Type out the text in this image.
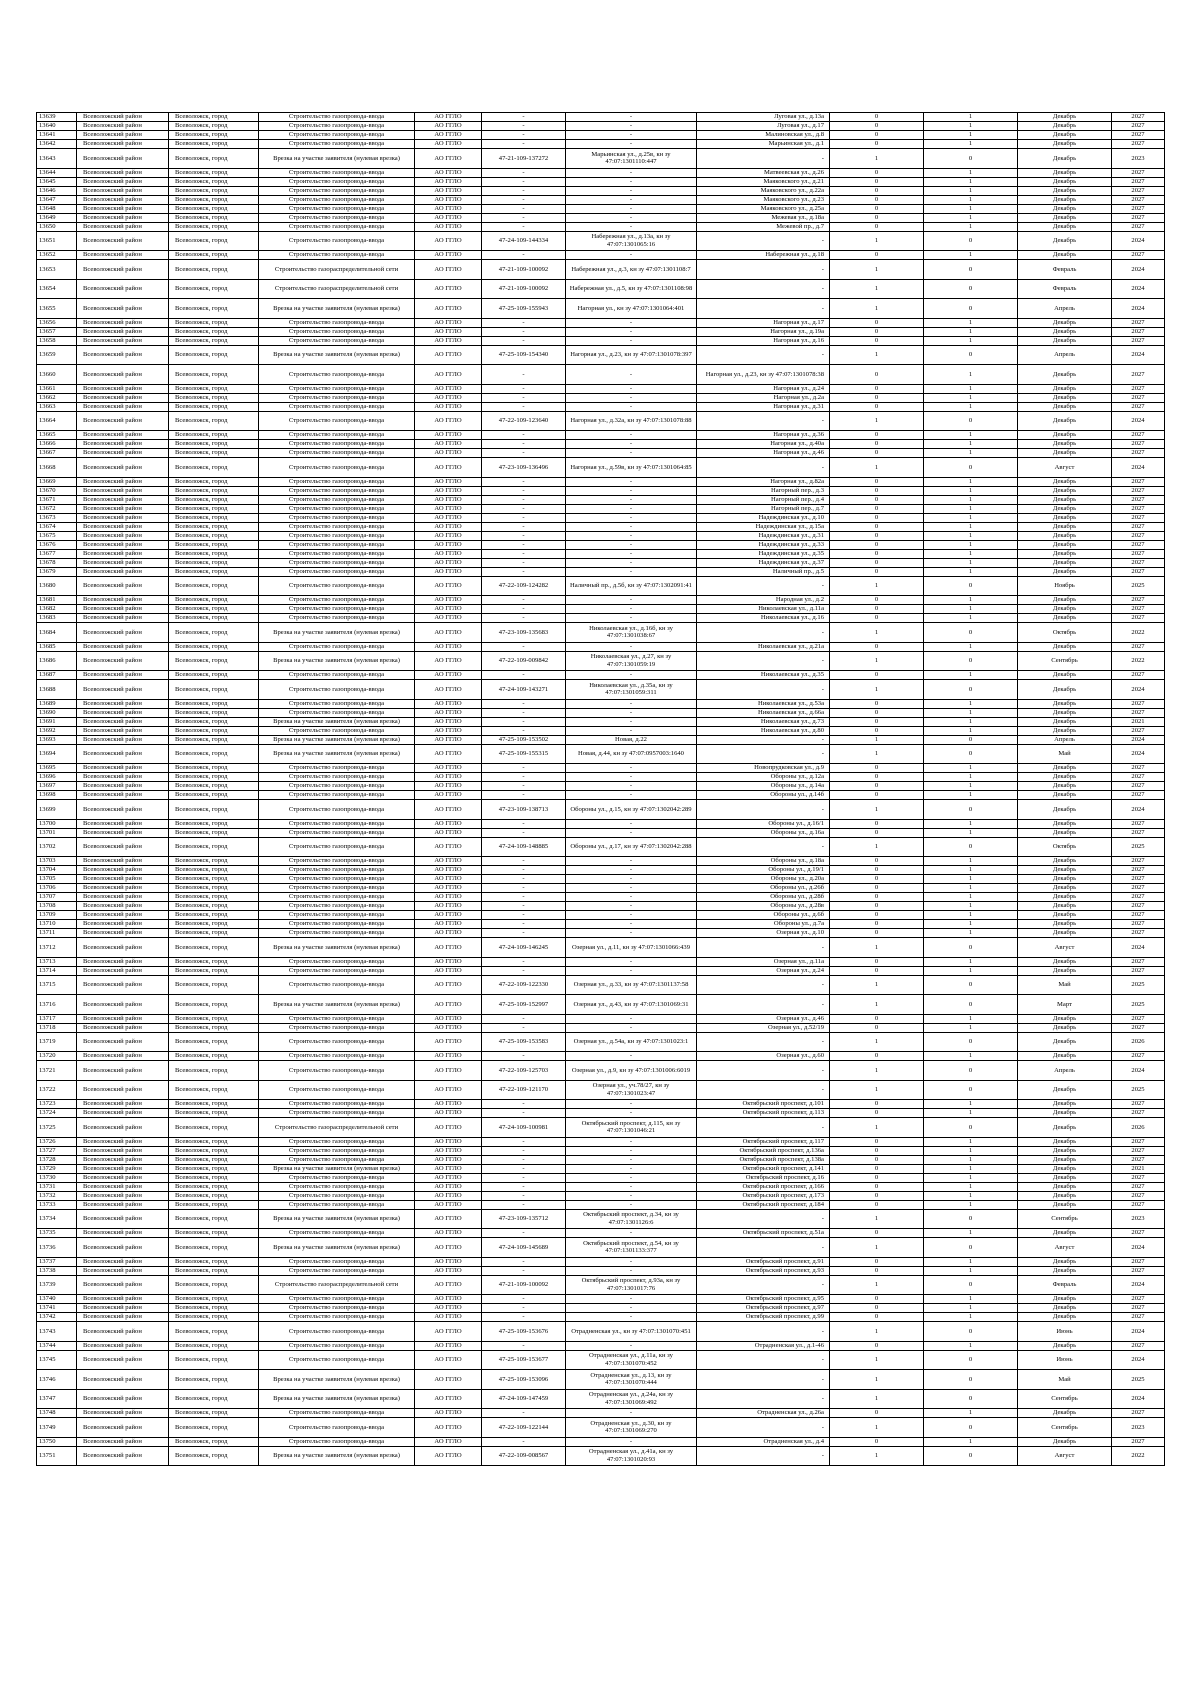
13639	Всеволожский район	Всеволожск, город	Строительство газопровода-ввода	АО ГГЛО	-	-	Луговая ул., д.13а	0	1	Декабрь	2027
13640	Всеволожский район	Всеволожск, город	Строительство газопровода-ввода	АО ГГЛО	-	-	Луговая ул., д.17	0	1	Декабрь	2027
13641	Всеволожский район	Всеволожск, город	Строительство газопровода-ввода	АО ГГЛО	-	-	Малиновская ул., д.8	0	1	Декабрь	2027
13642	Всеволожский район	Всеволожск, город	Строительство газопровода-ввода	АО ГГЛО	-	-	Марьинская ул., д.1	0	1	Декабрь	2027
13643	Всеволожский район	Всеволожск, город	Врезка на участке заявителя (нулевая врезка)	АО ГГЛО	47-21-109-137272	Марьинская ул., д.25в, кн зу 47:07:1301110:447	-	1	0	Декабрь	2023
13644	Всеволожский район	Всеволожск, город	Строительство газопровода-ввода	АО ГГЛО	-	-	Матвеевская ул., д.26	0	1	Декабрь	2027
13645	Всеволожский район	Всеволожск, город	Строительство газопровода-ввода	АО ГГЛО	-	-	Маяковского ул., д.21	0	1	Декабрь	2027
13646	Всеволожский район	Всеволожск, город	Строительство газопровода-ввода	АО ГГЛО	-	-	Маяковского ул., д.22а	0	1	Декабрь	2027
13647	Всеволожский район	Всеволожск, город	Строительство газопровода-ввода	АО ГГЛО	-	-	Маяковского ул., д.23	0	1	Декабрь	2027
13648	Всеволожский район	Всеволожск, город	Строительство газопровода-ввода	АО ГГЛО	-	-	Маяковского ул., д.25а	0	1	Декабрь	2027
13649	Всеволожский район	Всеволожск, город	Строительство газопровода-ввода	АО ГГЛО	-	-	Межевая ул., д.18а	0	1	Декабрь	2027
13650	Всеволожский район	Всеволожск, город	Строительство газопровода-ввода	АО ГГЛО	-	-	Межевой пр., д.7	0	1	Декабрь	2027
13651	Всеволожский район	Всеволожск, город	Строительство газопровода-ввода	АО ГГЛО	47-24-109-144334	Набережная ул., д.13а, кн зу 47:07:1301065:16	-	1	0	Декабрь	2024
13652	Всеволожский район	Всеволожск, город	Строительство газопровода-ввода	АО ГГЛО	-	-	Набережная ул., д.18	0	1	Декабрь	2027
13653	Всеволожский район	Всеволожск, город	Строительство газораспределительной сети	АО ГГЛО	47-21-109-100092	Набережная ул., д.3, кн зу 47:07:1301108:7	-	1	0	Февраль	2024
13654	Всеволожский район	Всеволожск, город	Строительство газораспределительной сети	АО ГГЛО	47-21-109-100092	Набережная ул., д.5, кн зу 47:07:1301108:98	-	1	0	Февраль	2024
13655	Всеволожский район	Всеволожск, город	Врезка на участке заявителя (нулевая врезка)	АО ГГЛО	47-25-109-155943	Нагорная ул., кн зу 47:07:1301064:401	-	1	0	Апрель	2024
13656	Всеволожский район	Всеволожск, город	Строительство газопровода-ввода	АО ГГЛО	-	-	Нагорная ул., д.17	0	1	Декабрь	2027
13657	Всеволожский район	Всеволожск, город	Строительство газопровода-ввода	АО ГГЛО	-	-	Нагорная ул., д.19а	0	1	Декабрь	2027
13658	Всеволожский район	Всеволожск, город	Строительство газопровода-ввода	АО ГГЛО	-	-	Нагорная ул., д.16	0	1	Декабрь	2027
13659	Всеволожский район	Всеволожск, город	Врезка на участке заявителя (нулевая врезка)	АО ГГЛО	47-25-109-154340	Нагорная ул., д.23, кн зу 47:07:1301078:397	-	1	0	Апрель	2024
13660	Всеволожский район	Всеволожск, город	Строительство газопровода-ввода	АО ГГЛО	-	-	Нагорная ул., д.23, кн зу 47:07:1301078:38	0	1	Декабрь	2027
13661	Всеволожский район	Всеволожск, город	Строительство газопровода-ввода	АО ГГЛО	-	-	Нагорная ул., д.24	0	1	Декабрь	2027
13662	Всеволожский район	Всеволожск, город	Строительство газопровода-ввода	АО ГГЛО	-	-	Нагорная ул., д.2а	0	1	Декабрь	2027
13663	Всеволожский район	Всеволожск, город	Строительство газопровода-ввода	АО ГГЛО	-	-	Нагорная ул., д.31	0	1	Декабрь	2027
13664	Всеволожский район	Всеволожск, город	Строительство газопровода-ввода	АО ГГЛО	47-22-109-123640	Нагорная ул., д.32а, кн зу 47:07:1301078:88	-	1	0	Декабрь	2024
13665	Всеволожский район	Всеволожск, город	Строительство газопровода-ввода	АО ГГЛО	-	-	Нагорная ул., д.36	0	1	Декабрь	2027
13666	Всеволожский район	Всеволожск, город	Строительство газопровода-ввода	АО ГГЛО	-	-	Нагорная ул., д.40а	0	1	Декабрь	2027
13667	Всеволожский район	Всеволожск, город	Строительство газопровода-ввода	АО ГГЛО	-	-	Нагорная ул., д.46	0	1	Декабрь	2027
13668	Всеволожский район	Всеволожск, город	Строительство газопровода-ввода	АО ГГЛО	47-23-109-136496	Нагорная ул., д.59в, кн зу 47:07:1301064:85	-	1	0	Август	2024
13669	Всеволожский район	Всеволожск, город	Строительство газопровода-ввода	АО ГГЛО	-	-	Нагорная ул., д.82а	0	1	Декабрь	2027
13670	Всеволожский район	Всеволожск, город	Строительство газопровода-ввода	АО ГГЛО	-	-	Нагорный пер., д.3	0	1	Декабрь	2027
13671	Всеволожский район	Всеволожск, город	Строительство газопровода-ввода	АО ГГЛО	-	-	Нагорный пер., д.4	0	1	Декабрь	2027
13672	Всеволожский район	Всеволожск, город	Строительство газопровода-ввода	АО ГГЛО	-	-	Нагорный пер., д.7	0	1	Декабрь	2027
13673	Всеволожский район	Всеволожск, город	Строительство газопровода-ввода	АО ГГЛО	-	-	Надеждинская ул., д.10	0	1	Декабрь	2027
13674	Всеволожский район	Всеволожск, город	Строительство газопровода-ввода	АО ГГЛО	-	-	Надеждинская ул., д.15а	0	1	Декабрь	2027
13675	Всеволожский район	Всеволожск, город	Строительство газопровода-ввода	АО ГГЛО	-	-	Надеждинская ул., д.31	0	1	Декабрь	2027
13676	Всеволожский район	Всеволожск, город	Строительство газопровода-ввода	АО ГГЛО	-	-	Надеждинская ул., д.33	0	1	Декабрь	2027
13677	Всеволожский район	Всеволожск, город	Строительство газопровода-ввода	АО ГГЛО	-	-	Надеждинская ул., д.35	0	1	Декабрь	2027
13678	Всеволожский район	Всеволожск, город	Строительство газопровода-ввода	АО ГГЛО	-	-	Надеждинская ул., д.37	0	1	Декабрь	2027
13679	Всеволожский район	Всеволожск, город	Строительство газопровода-ввода	АО ГГЛО	-	-	Наличный пр., д.5	0	1	Декабрь	2027
13680	Всеволожский район	Всеволожск, город	Строительство газопровода-ввода	АО ГГЛО	47-22-109-124282	Наличный пр., д.5б, кн зу 47:07:1302091:41	-	1	0	Ноябрь	2025
13681	Всеволожский район	Всеволожск, город	Строительство газопровода-ввода	АО ГГЛО	-	-	Народная ул., д.2	0	1	Декабрь	2027
13682	Всеволожский район	Всеволожск, город	Строительство газопровода-ввода	АО ГГЛО	-	-	Николаевская ул., д.11а	0	1	Декабрь	2027
13683	Всеволожский район	Всеволожск, город	Строительство газопровода-ввода	АО ГГЛО	-	-	Николаевская ул., д.16	0	1	Декабрь	2027
13684	Всеволожский район	Всеволожск, город	Врезка на участке заявителя (нулевая врезка)	АО ГГЛО	47-23-109-135683	Николаевская ул., д.16б, кн зу 47:07:1301038:67	-	1	0	Октябрь	2022
13685	Всеволожский район	Всеволожск, город	Строительство газопровода-ввода	АО ГГЛО	-	-	Николаевская ул., д.21а	0	1	Декабрь	2027
13686	Всеволожский район	Всеволожск, город	Врезка на участке заявителя (нулевая врезка)	АО ГГЛО	47-22-109-009842	Николаевская ул., д.27, кн зу 47:07:1301059:19	-	1	0	Сентябрь	2022
13687	Всеволожский район	Всеволожск, город	Строительство газопровода-ввода	АО ГГЛО	-	-	Николаевская ул., д.35	0	1	Декабрь	2027
13688	Всеволожский район	Всеволожск, город	Строительство газопровода-ввода	АО ГГЛО	47-24-109-143271	Николаевская ул., д.35а, кн зу 47:07:1301059:311	-	1	0	Декабрь	2024
13689	Всеволожский район	Всеволожск, город	Строительство газопровода-ввода	АО ГГЛО	-	-	Николаевская ул., д.53а	0	1	Декабрь	2027
13690	Всеволожский район	Всеволожск, город	Строительство газопровода-ввода	АО ГГЛО	-	-	Николаевская ул., д.66а	0	1	Декабрь	2027
13691	Всеволожский район	Всеволожск, город	Врезка на участке заявителя (нулевая врезка)	АО ГГЛО	-	-	Николаевская ул., д.73	0	1	Декабрь	2021
13692	Всеволожский район	Всеволожск, город	Строительство газопровода-ввода	АО ГГЛО	-	-	Николаевская ул., д.80	0	1	Декабрь	2027
13693	Всеволожский район	Всеволожск, город	Врезка на участке заявителя (нулевая врезка)	АО ГГЛО	47-25-109-153502	Новая, д.22	-	1	0	Апрель	2024
13694	Всеволожский район	Всеволожск, город	Врезка на участке заявителя (нулевая врезка)	АО ГГЛО	47-25-109-155315	Новая, д.44, кн зу 47:07:0957003:1640	-	1	0	Май	2024
13695	Всеволожский район	Всеволожск, город	Строительство газопровода-ввода	АО ГГЛО	-	-	Новопрудковская ул., д.9	0	1	Декабрь	2027
13696	Всеволожский район	Всеволожск, город	Строительство газопровода-ввода	АО ГГЛО	-	-	Обороны ул., д.12а	0	1	Декабрь	2027
13697	Всеволожский район	Всеволожск, город	Строительство газопровода-ввода	АО ГГЛО	-	-	Обороны ул., д.14а	0	1	Декабрь	2027
13698	Всеволожский район	Всеволожск, город	Строительство газопровода-ввода	АО ГГЛО	-	-	Обороны ул., д.14б	0	1	Декабрь	2027
13699	Всеволожский район	Всеволожск, город	Строительство газопровода-ввода	АО ГГЛО	47-23-109-138713	Обороны ул., д.15, кн зу 47:07:1302042:289	-	1	0	Декабрь	2024
13700	Всеволожский район	Всеволожск, город	Строительство газопровода-ввода	АО ГГЛО	-	-	Обороны ул., д.16/1	0	1	Декабрь	2027
13701	Всеволожский район	Всеволожск, город	Строительство газопровода-ввода	АО ГГЛО	-	-	Обороны ул., д.16а	0	1	Декабрь	2027
13702	Всеволожский район	Всеволожск, город	Строительство газопровода-ввода	АО ГГЛО	47-24-109-148885	Обороны ул., д.17, кн зу 47:07:1302042:288	-	1	0	Октябрь	2025
13703	Всеволожский район	Всеволожск, город	Строительство газопровода-ввода	АО ГГЛО	-	-	Обороны ул., д.18а	0	1	Декабрь	2027
13704	Всеволожский район	Всеволожск, город	Строительство газопровода-ввода	АО ГГЛО	-	-	Обороны ул., д.19/1	0	1	Декабрь	2027
13705	Всеволожский район	Всеволожск, город	Строительство газопровода-ввода	АО ГГЛО	-	-	Обороны ул., д.20а	0	1	Декабрь	2027
13706	Всеволожский район	Всеволожск, город	Строительство газопровода-ввода	АО ГГЛО	-	-	Обороны ул., д.26б	0	1	Декабрь	2027
13707	Всеволожский район	Всеволожск, город	Строительство газопровода-ввода	АО ГГЛО	-	-	Обороны ул., д.28б	0	1	Декабрь	2027
13708	Всеволожский район	Всеволожск, город	Строительство газопровода-ввода	АО ГГЛО	-	-	Обороны ул., д.28в	0	1	Декабрь	2027
13709	Всеволожский район	Всеволожск, город	Строительство газопровода-ввода	АО ГГЛО	-	-	Обороны ул., д.6б	0	1	Декабрь	2027
13710	Всеволожский район	Всеволожск, город	Строительство газопровода-ввода	АО ГГЛО	-	-	Обороны ул., д.7а	0	1	Декабрь	2027
13711	Всеволожский район	Всеволожск, город	Строительство газопровода-ввода	АО ГГЛО	-	-	Озерная ул., д.10	0	1	Декабрь	2027
13712	Всеволожский район	Всеволожск, город	Врезка на участке заявителя (нулевая врезка)	АО ГГЛО	47-24-109-146245	Озерная ул., д.11, кн зу 47:07:1301066:439	-	1	0	Август	2024
13713	Всеволожский район	Всеволожск, город	Строительство газопровода-ввода	АО ГГЛО	-	-	Озерная ул., д.11а	0	1	Декабрь	2027
13714	Всеволожский район	Всеволожск, город	Строительство газопровода-ввода	АО ГГЛО	-	-	Озерная ул., д.24	0	1	Декабрь	2027
13715	Всеволожский район	Всеволожск, город	Строительство газопровода-ввода	АО ГГЛО	47-22-109-122330	Озерная ул., д.33, кн зу 47:07:1301137:58	-	1	0	Май	2025
13716	Всеволожский район	Всеволожск, город	Врезка на участке заявителя (нулевая врезка)	АО ГГЛО	47-25-109-152997	Озерная ул., д.43, кн зу 47:07:1301069:31	-	1	0	Март	2025
13717	Всеволожский район	Всеволожск, город	Строительство газопровода-ввода	АО ГГЛО	-	-	Озерная ул., д.46	0	1	Декабрь	2027
13718	Всеволожский район	Всеволожск, город	Строительство газопровода-ввода	АО ГГЛО	-	-	Озерная ул., д.52/19	0	1	Декабрь	2027
13719	Всеволожский район	Всеволожск, город	Строительство газопровода-ввода	АО ГГЛО	47-25-109-153583	Озерная ул., д.54а, кн зу 47:07:1301023:1	-	1	0	Декабрь	2026
13720	Всеволожский район	Всеволожск, город	Строительство газопровода-ввода	АО ГГЛО	-	-	Озерная ул., д.60	0	1	Декабрь	2027
13721	Всеволожский район	Всеволожск, город	Строительство газопровода-ввода	АО ГГЛО	47-22-109-125703	Озерная ул., д.9, кн зу 47:07:1301006:6019	-	1	0	Апрель	2024
13722	Всеволожский район	Всеволожск, город	Строительство газопровода-ввода	АО ГГЛО	47-22-109-121170	Озерная ул., уч.78/27, кн зу 47:07:1301023:47	-	1	0	Декабрь	2025
13723	Всеволожский район	Всеволожск, город	Строительство газопровода-ввода	АО ГГЛО	-	-	Октябрьский проспект, д.101	0	1	Декабрь	2027
13724	Всеволожский район	Всеволожск, город	Строительство газопровода-ввода	АО ГГЛО	-	-	Октябрьский проспект, д.113	0	1	Декабрь	2027
13725	Всеволожский район	Всеволожск, город	Строительство газораспределительной сети	АО ГГЛО	47-24-109-100981	Октябрьский проспект, д.115, кн зу 47:07:1301046:21	-	1	0	Декабрь	2026
13726	Всеволожский район	Всеволожск, город	Строительство газопровода-ввода	АО ГГЛО	-	-	Октябрьский проспект, д.117	0	1	Декабрь	2027
13727	Всеволожский район	Всеволожск, город	Строительство газопровода-ввода	АО ГГЛО	-	-	Октябрьский проспект, д.136а	0	1	Декабрь	2027
13728	Всеволожский район	Всеволожск, город	Строительство газопровода-ввода	АО ГГЛО	-	-	Октябрьский проспект, д.138а	0	1	Декабрь	2027
13729	Всеволожский район	Всеволожск, город	Врезка на участке заявителя (нулевая врезка)	АО ГГЛО	-	-	Октябрьский проспект, д.141	0	1	Декабрь	2021
13730	Всеволожский район	Всеволожск, город	Строительство газопровода-ввода	АО ГГЛО	-	-	Октябрьский проспект, д.16	0	1	Декабрь	2027
13731	Всеволожский район	Всеволожск, город	Строительство газопровода-ввода	АО ГГЛО	-	-	Октябрьский проспект, д.166	0	1	Декабрь	2027
13732	Всеволожский район	Всеволожск, город	Строительство газопровода-ввода	АО ГГЛО	-	-	Октябрьский проспект, д.173	0	1	Декабрь	2027
13733	Всеволожский район	Всеволожск, город	Строительство газопровода-ввода	АО ГГЛО	-	-	Октябрьский проспект, д.184	0	1	Декабрь	2027
13734	Всеволожский район	Всеволожск, город	Врезка на участке заявителя (нулевая врезка)	АО ГГЛО	47-23-109-135712	Октябрьский проспект, д.34, кн зу 47:07:1301126:6	-	1	0	Сентябрь	2023
13735	Всеволожский район	Всеволожск, город	Строительство газопровода-ввода	АО ГГЛО	-	-	Октябрьский проспект, д.51а	0	1	Декабрь	2027
13736	Всеволожский район	Всеволожск, город	Врезка на участке заявителя (нулевая врезка)	АО ГГЛО	47-24-109-145689	Октябрьский проспект, д.54, кн зу 47:07:1301133:377	-	1	0	Август	2024
13737	Всеволожский район	Всеволожск, город	Строительство газопровода-ввода	АО ГГЛО	-	-	Октябрьский проспект, д.91	0	1	Декабрь	2027
13738	Всеволожский район	Всеволожск, город	Строительство газопровода-ввода	АО ГГЛО	-	-	Октябрьский проспект, д.93	0	1	Декабрь	2027
13739	Всеволожский район	Всеволожск, город	Строительство газораспределительной сети	АО ГГЛО	47-21-109-100092	Октябрьский проспект, д.93а, кн зу 47:07:1301017:76	-	1	0	Февраль	2024
13740	Всеволожский район	Всеволожск, город	Строительство газопровода-ввода	АО ГГЛО	-	-	Октябрьский проспект, д.95	0	1	Декабрь	2027
13741	Всеволожский район	Всеволожск, город	Строительство газопровода-ввода	АО ГГЛО	-	-	Октябрьский проспект, д.97	0	1	Декабрь	2027
13742	Всеволожский район	Всеволожск, город	Строительство газопровода-ввода	АО ГГЛО	-	-	Октябрьский проспект, д.99	0	1	Декабрь	2027
13743	Всеволожский район	Всеволожск, город	Строительство газопровода-ввода	АО ГГЛО	47-25-109-153676	Отрадненская ул., кн зу 47:07:1301070:451	-	1	0	Июнь	2024
13744	Всеволожский район	Всеволожск, город	Строительство газопровода-ввода	АО ГГЛО	-	-	Отрадненская ул., д.1-46	0	1	Декабрь	2027
13745	Всеволожский район	Всеволожск, город	Строительство газопровода-ввода	АО ГГЛО	47-25-109-153677	Отрадненская ул., д.11а, кн зу 47:07:1301070:452	-	1	0	Июнь	2024
13746	Всеволожский район	Всеволожск, город	Врезка на участке заявителя (нулевая врезка)	АО ГГЛО	47-25-109-153096	Отрадненская ул., д.13, кн зу 47:07:1301070:444	-	1	0	Май	2025
13747	Всеволожский район	Всеволожск, город	Врезка на участке заявителя (нулевая врезка)	АО ГГЛО	47-24-109-147459	Отрадненская ул., д.24а, кн зу 47:07:1301069:492	-	1	0	Сентябрь	2024
13748	Всеволожский район	Всеволожск, город	Строительство газопровода-ввода	АО ГГЛО	-	-	Отрадненская ул., д.26а	0	1	Декабрь	2027
13749	Всеволожский район	Всеволожск, город	Строительство газопровода-ввода	АО ГГЛО	47-22-109-122144	Отрадненская ул., д.30, кн зу 47:07:1301069:270	-	1	0	Сентябрь	2023
13750	Всеволожский район	Всеволожск, город	Строительство газопровода-ввода	АО ГГЛО	-	-	Отрадненская ул., д.4	0	1	Декабрь	2027
13751	Всеволожский район	Всеволожск, город	Врезка на участке заявителя (нулевая врезка)	АО ГГЛО	47-22-109-008567	Отрадненская ул., д.41а, кн зу 47:07:1301020:93	-	1	0	Август	2022
